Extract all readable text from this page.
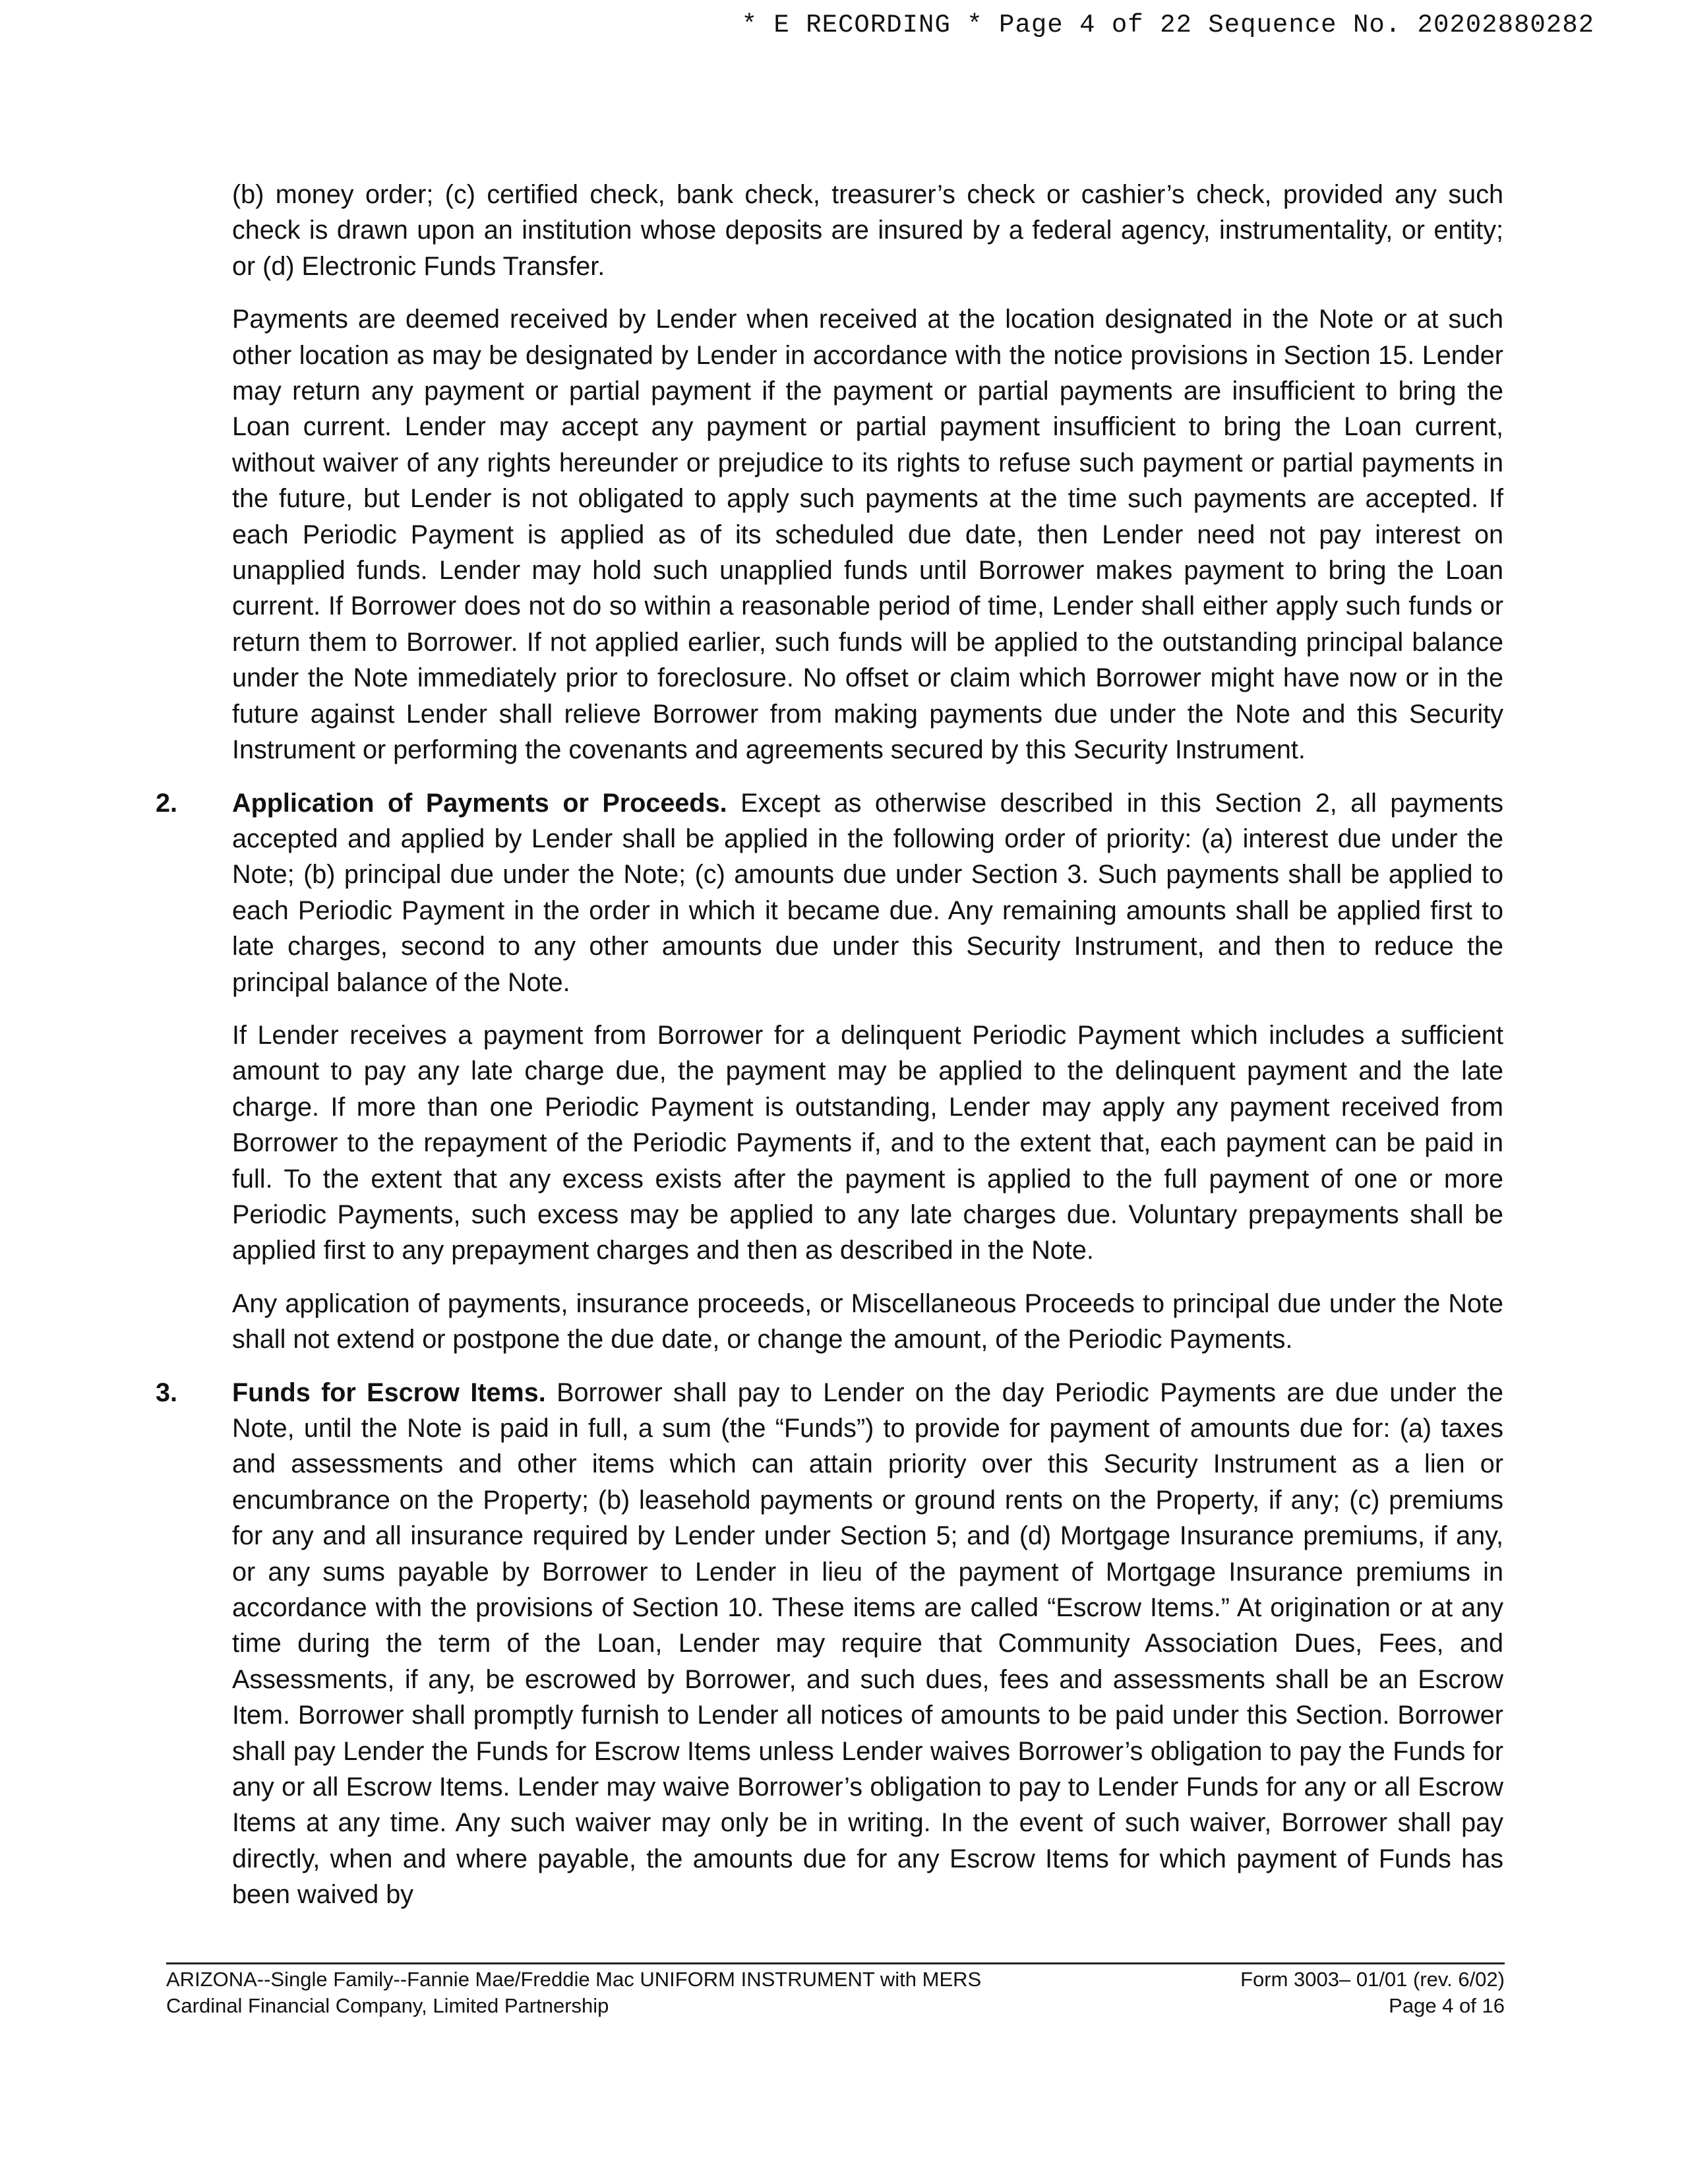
* E RECORDING * Page 4 of 22 Sequence No. 20202880282

(b) money order; (c) certified check, bank check, treasurer’s check or cashier’s check, provided any such check is drawn upon an institution whose deposits are insured by a federal agency, instrumentality, or entity; or (d) Electronic Funds Transfer.

Payments are deemed received by Lender when received at the location designated in the Note or at such other location as may be designated by Lender in accordance with the notice provisions in Section 15. Lender may return any payment or partial payment if the payment or partial payments are insufficient to bring the Loan current. Lender may accept any payment or partial payment insufficient to bring the Loan current, without waiver of any rights hereunder or prejudice to its rights to refuse such payment or partial payments in the future, but Lender is not obligated to apply such payments at the time such payments are accepted. If each Periodic Payment is applied as of its scheduled due date, then Lender need not pay interest on unapplied funds. Lender may hold such unapplied funds until Borrower makes payment to bring the Loan current. If Borrower does not do so within a reasonable period of time, Lender shall either apply such funds or return them to Borrower. If not applied earlier, such funds will be applied to the outstanding principal balance under the Note immediately prior to foreclosure. No offset or claim which Borrower might have now or in the future against Lender shall relieve Borrower from making payments due under the Note and this Security Instrument or performing the covenants and agreements secured by this Security Instrument.

2.	Application of Payments or Proceeds. Except as otherwise described in this Section 2, all payments accepted and applied by Lender shall be applied in the following order of priority: (a) interest due under the Note; (b) principal due under the Note; (c) amounts due under Section 3. Such payments shall be applied to each Periodic Payment in the order in which it became due. Any remaining amounts shall be applied first to late charges, second to any other amounts due under this Security Instrument, and then to reduce the principal balance of the Note.

If Lender receives a payment from Borrower for a delinquent Periodic Payment which includes a sufficient amount to pay any late charge due, the payment may be applied to the delinquent payment and the late charge. If more than one Periodic Payment is outstanding, Lender may apply any payment received from Borrower to the repayment of the Periodic Payments if, and to the extent that, each payment can be paid in full. To the extent that any excess exists after the payment is applied to the full payment of one or more Periodic Payments, such excess may be applied to any late charges due. Voluntary prepayments shall be applied first to any prepayment charges and then as described in the Note.

Any application of payments, insurance proceeds, or Miscellaneous Proceeds to principal due under the Note shall not extend or postpone the due date, or change the amount, of the Periodic Payments.

3.	Funds for Escrow Items. Borrower shall pay to Lender on the day Periodic Payments are due under the Note, until the Note is paid in full, a sum (the “Funds”) to provide for payment of amounts due for: (a) taxes and assessments and other items which can attain priority over this Security Instrument as a lien or encumbrance on the Property; (b) leasehold payments or ground rents on the Property, if any; (c) premiums for any and all insurance required by Lender under Section 5; and (d) Mortgage Insurance premiums, if any, or any sums payable by Borrower to Lender in lieu of the payment of Mortgage Insurance premiums in accordance with the provisions of Section 10. These items are called “Escrow Items.” At origination or at any time during the term of the Loan, Lender may require that Community Association Dues, Fees, and Assessments, if any, be escrowed by Borrower, and such dues, fees and assessments shall be an Escrow Item. Borrower shall promptly furnish to Lender all notices of amounts to be paid under this Section. Borrower shall pay Lender the Funds for Escrow Items unless Lender waives Borrower’s obligation to pay the Funds for any or all Escrow Items. Lender may waive Borrower’s obligation to pay to Lender Funds for any or all Escrow Items at any time. Any such waiver may only be in writing. In the event of such waiver, Borrower shall pay directly, when and where payable, the amounts due for any Escrow Items for which payment of Funds has been waived by
ARIZONA--Single Family--Fannie Mae/Freddie Mac UNIFORM INSTRUMENT with MERS	Form 3003– 01/01 (rev. 6/02)
Cardinal Financial Company, Limited Partnership	Page 4 of 16
